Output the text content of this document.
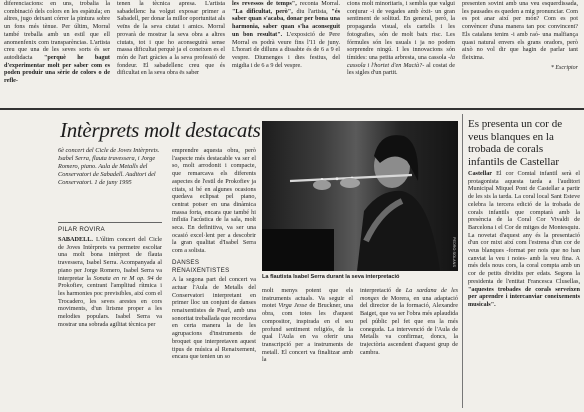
diferenciacions: en uns, trobalia la combinació dels colors en les espàtula; en altres, jugo deixant córrer la pintura sobre un fons més tènue. Per últim, Morral també treballa amb un estil que ell anomenfenix com transparèncias. L'artista creu que una de les seves sorts és ser autodidacta "perquè he bagut d'experimentar molt per saber com es poden produir una sèrie de colors o de refle-
tenen la tècnica apresa. L'artista sabadellenc ha volgut exposar primer a Sabadell, per donar la millor oportunitat als veïns de la seva ciutat i amics. Morral provarà de mostrar la seva obra a altres ciutats, tot i que ho aconseguirà sense massa dificultat perquè ja el coneixen es el món de l'art gràcies a la seva professió de fondeur. El sabadellenc creu que és dificultat en la seva obra ës saber
les revessos de temps", reconta Morral. "La dificultat, però", diu l'artista, "és saber quan s'acaba, donar per bona una harmonia, saber quan s'ha aconseguit un bon resultat". L'exposició de Pere Morral es podrà veure fins l'11 de juny. L'horari de dilluns a dissabte és de 6 a 9 el vespre. Diumenges i dies festius, del migdia i de 6 a 9 del vespre.
cions molt minoritaris, i sembla que valgui conjurar -i de vegades amb èxit- un gran sentiment de solitud. En general, però, la propaganda visual, els cartells i les fotografies, són de molt baix risc. Les fórmules són les usuals i ja no podem sorprendre ningú. I les innovacions són tímides: una petita arbresta, una cassola -la cassola i l'hortet d'en Macià?- al costat de les sigles d'un partit.
presenten sovint amb una veu esquerdissada, les pausades es queden a mig pronunciar. Com es pot anar així per món? Com es pot convèncer d'una manera tan poc convincent? Els catalans tenim -i amb raó- una malfiança quasi natural envers els grans oradors, però això no vol dir que hagin de parlar tant fleixima.
* Escriptor
Intèrprets molt destacats
6è concert del Cicle de Joves Intèrprets. Isabel Serra, flauta travessera, i Jorge Romero, piano. Aula de Metalls del Conservatori de Sabadell. Auditori del Conservatori. 1 de juny 1995
PILAR ROVIRA
SABADELL. L'últim concert del Cicle de Joves Intèrprets va permetre escoltar una molt bona intèrpret de flauta travessera, Isabel Serra. Acompanyada al piano per Jorge Romero, Isabel Serra va interpretar la Sonata en re M op. 94 de Prokofiev, centrant l'amplitud rítmica i les harmonies poc previsibles, així com el Trocadero, les seves arestes en cors moviments, d'un lirisme proper a les melodies populars. Isabel Serra va mostrar una sobrada agilitat tècnica per
emprendre aquesta obra, però l'aspecte més destacable va ser el so, molt arrodonit i compacte, que remarcava els diferents aspectes de l'estil de Prokofiev ja citats, si bé en algunes ocasions quedava eclipsat pel piano, centrat potser en una dinàmica massa forta, encara que també hi influïa l'acústica de la sala, molt seca. En definitiva, va ser una ocasió excel·lent per a descobrir la gran qualitat d'Isabel Serra com a solista.
DANSES RENAIXENTISTES
A la segona part del concert va actuar l'Aula de Metalls del Conservatori interpretant en primer lloc un conjunt de danses renaixentistes de Pearl, amb una sonoritat treballada que recordava en certa manera la de les agrupacions d'instruments de broquet que interpretaven aquest tipus de música al Renaixement, encara que tenien un so
PEDRO SOLANS
La flautista Isabel Serra durant la seva interpretació
molt menys potent que els instruments actuals. Va seguir el motet Virga Jesse de Bruckner, una obra, com totes les d'aquest compositor, inspirada en el seu profund sentiment religiós, de la qual l'Aula en va oferir una transcripció per a instruments de metall. El concert va finalitzar amb la
interpretació de La sardana de les monges de Morera, en una adaptació del director de la formació, Alexandre Baiget, que va ser l'obra més aplaudida pel públic pel fet que era la més coneguda. La intervenció de l'Aula de Metalls va confirmar, doncs, la trajectòria ascendent d'aquest grup de cambra.
Es presenta un cor de veus blanques en la trobada de corals infantils de Castellar
Castellar El cor Comtal infantil serà el protagonista aquesta tarda a l'auditori Municipal Miquel Pont de Castellar a partir de les sis la tarda. La coral local Sant Esteve celebra la tercera edició de la trobada de corals infantils que comptarà amb la presència de la Coral Cor Vivaldi de Barcelona i el Cor de mitges de Montesquiu. La novetat d'aquest any és la presentació d'un cor mixt així com l'estrena d'un cor de veus blanques -format per nois que no han canviat la veu i noies- amb la veu fina. A més dels nous cors, la coral compta amb un cor de petits dividits per edats. Segons la presidenta de l'entitat Francesca Clusellas, "aquestes trobades de corals serveixen per aprendre i intercanviar coneixements musicals".
